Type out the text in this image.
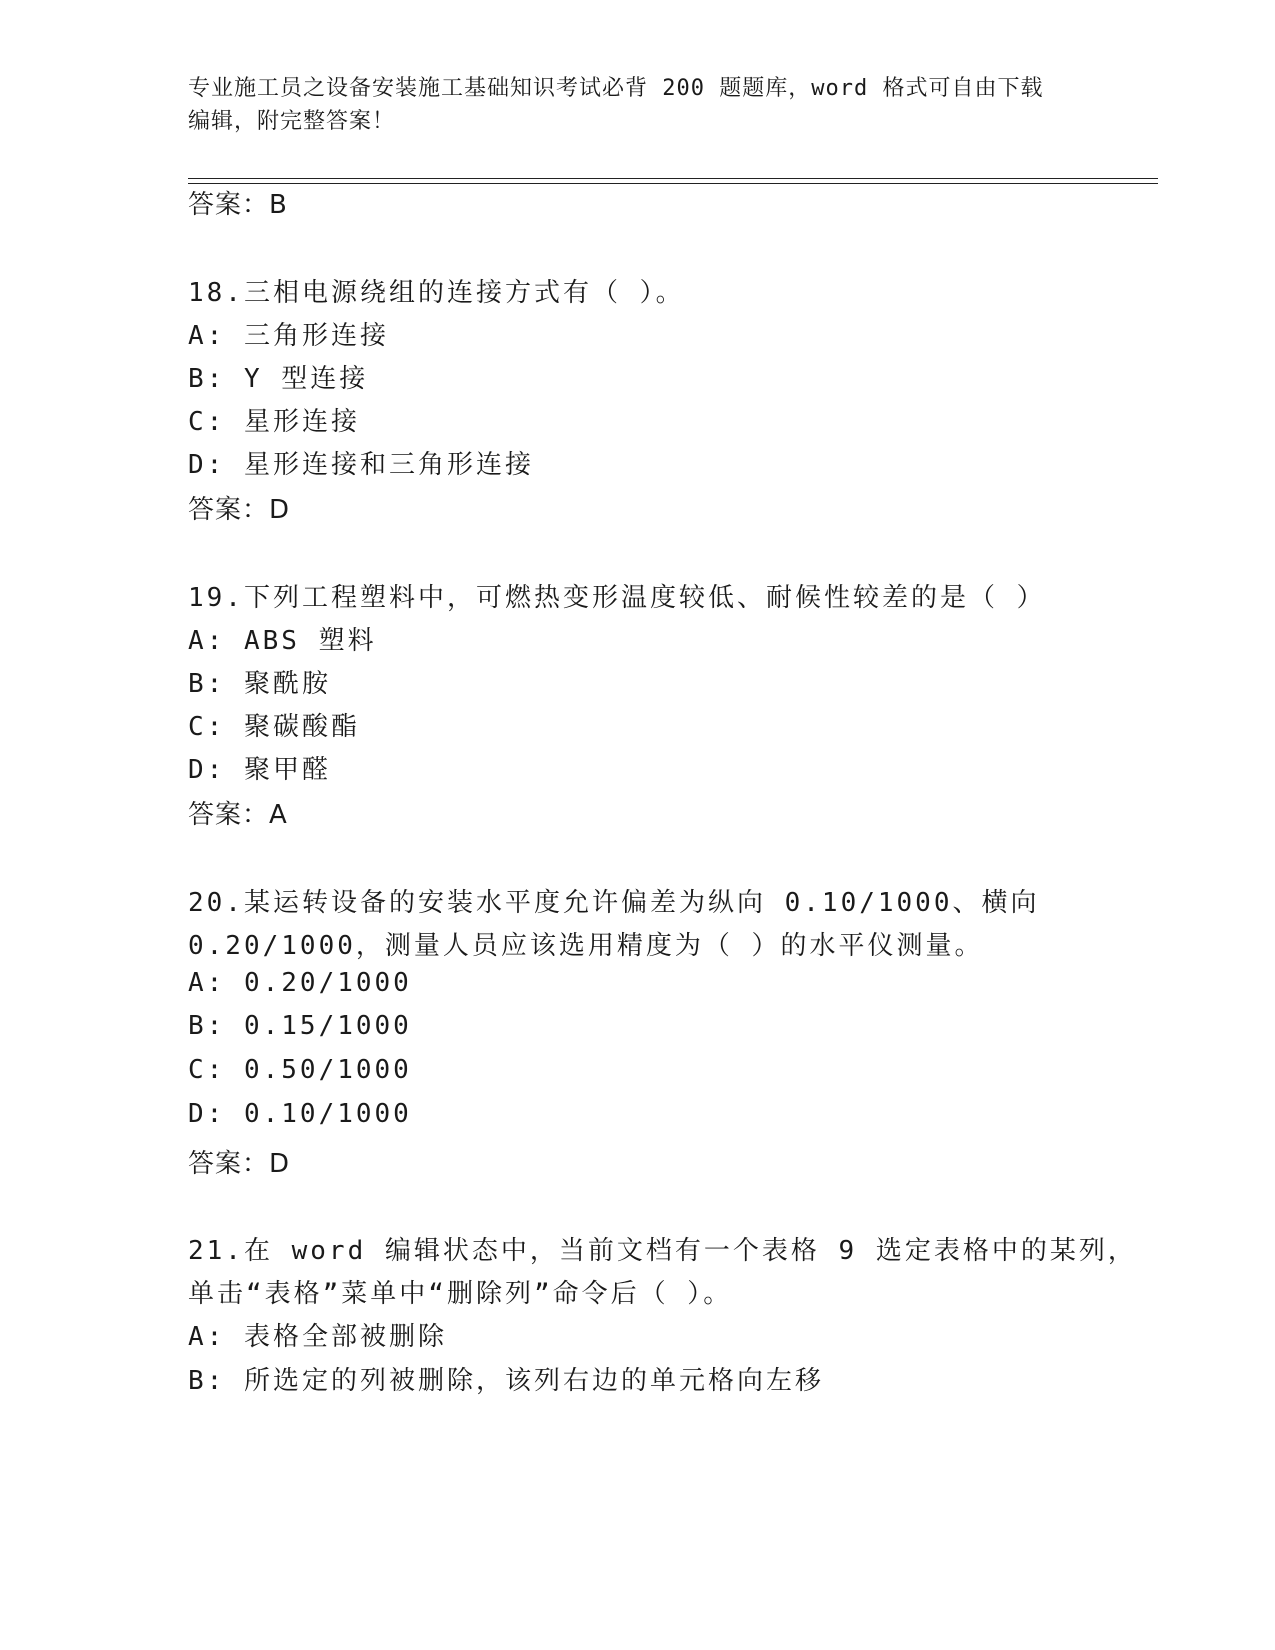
专业施工员之设备安装施工基础知识考试必背 200 题题库，word 格式可自由下载
编辑，附完整答案！
答案：B
18.三相电源绕组的连接方式有（ ）。
A: 三角形连接
B: Y 型连接
C: 星形连接
D: 星形连接和三角形连接
答案：D
19.下列工程塑料中，可燃热变形温度较低、耐候性较差的是（ ）
A: ABS 塑料
B: 聚酰胺
C: 聚碳酸酯
D: 聚甲醛
答案：A
20.某运转设备的安装水平度允许偏差为纵向 0.10/1000、横向
0.20/1000，测量人员应该选用精度为（ ）的水平仪测量。
A: 0.20/1000
B: 0.15/1000
C: 0.50/1000
D: 0.10/1000
答案：D
21.在 word 编辑状态中，当前文档有一个表格 9 选定表格中的某列，
单击“表格”菜单中“删除列”命令后（ ）。
A: 表格全部被删除
B: 所选定的列被删除，该列右边的单元格向左移
